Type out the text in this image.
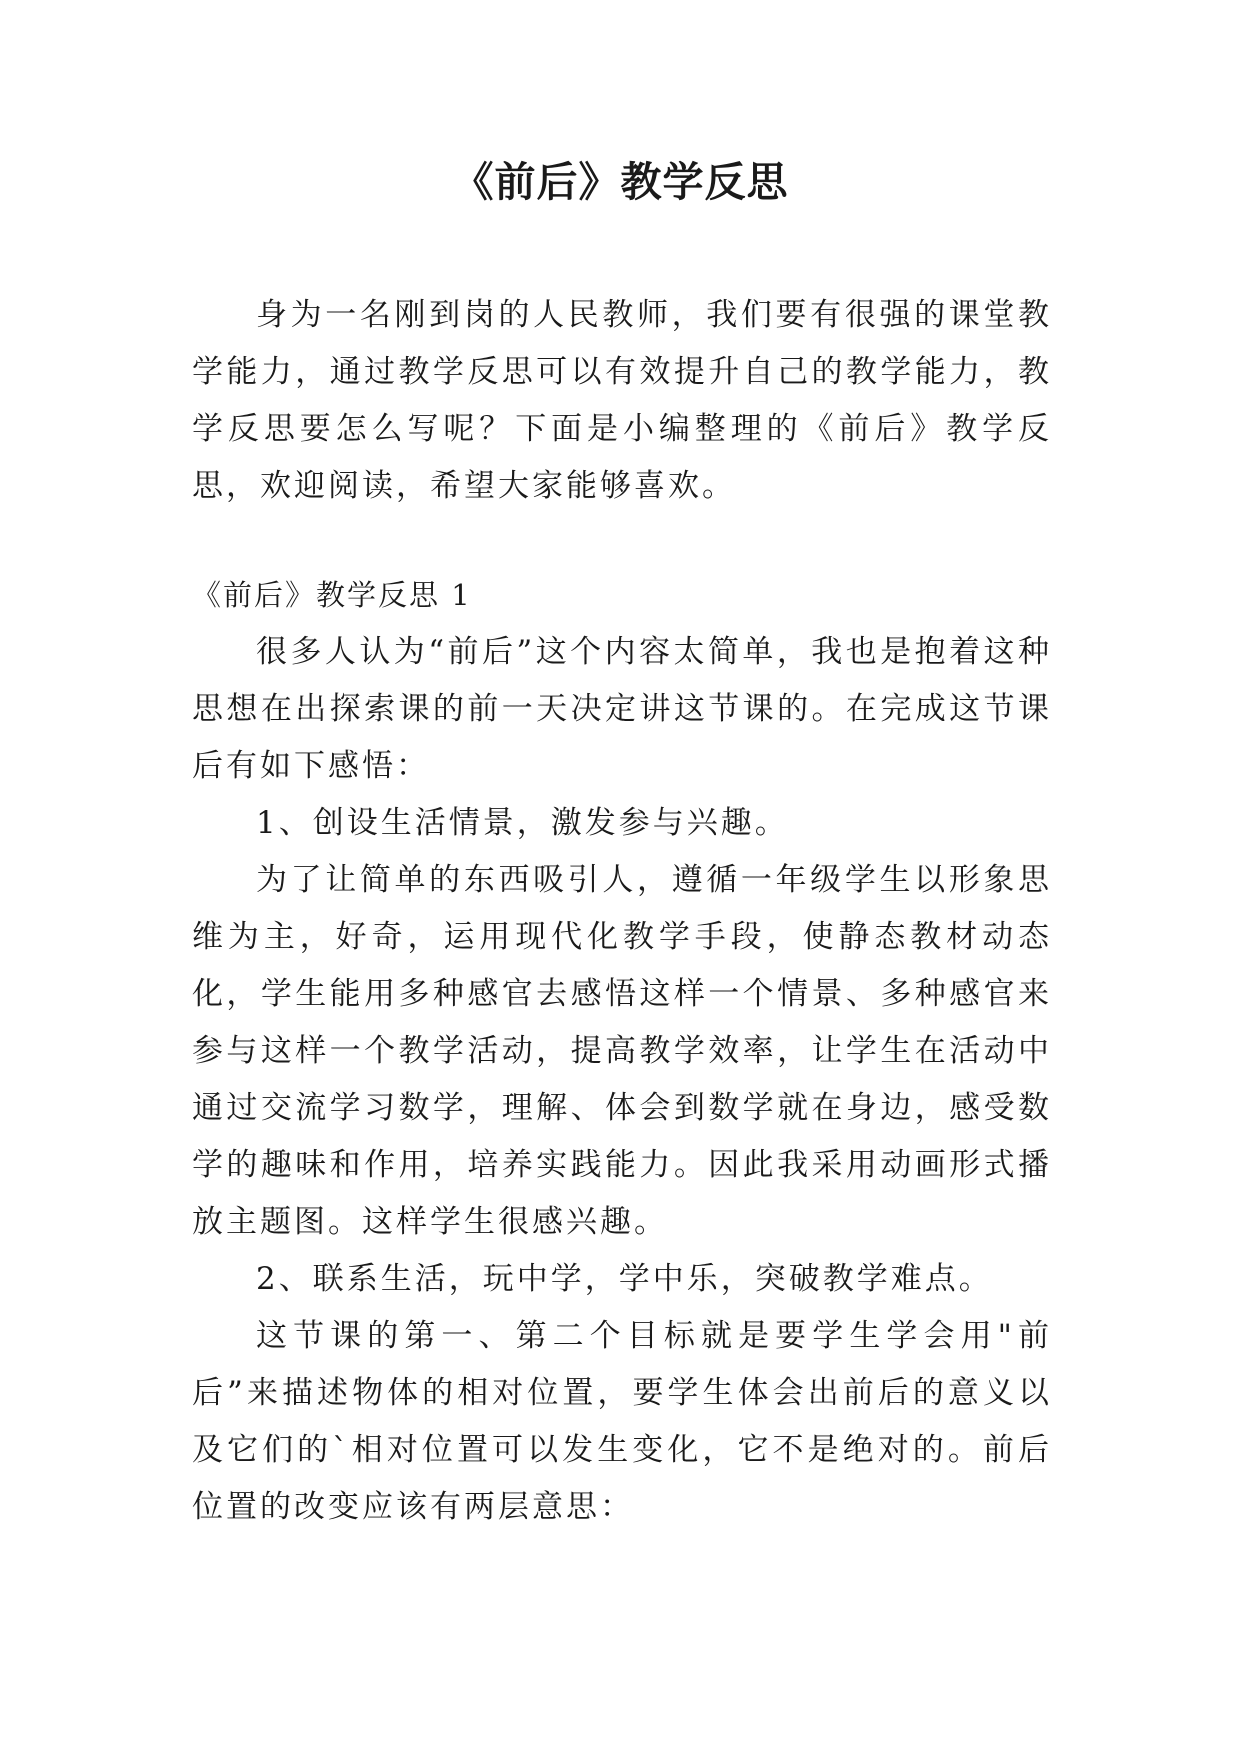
《前后》教学反思

身为一名刚到岗的人民教师，我们要有很强的课堂教学能力，通过教学反思可以有效提升自己的教学能力，教学反思要怎么写呢？下面是小编整理的《前后》教学反思，欢迎阅读，希望大家能够喜欢。

《前后》教学反思 1

很多人认为“前后”这个内容太简单，我也是抱着这种思想在出探索课的前一天决定讲这节课的。在完成这节课后有如下感悟：

1、创设生活情景，激发参与兴趣。

为了让简单的东西吸引人，遵循一年级学生以形象思维为主，好奇，运用现代化教学手段，使静态教材动态化，学生能用多种感官去感悟这样一个情景、多种感官来参与这样一个教学活动，提高教学效率，让学生在活动中通过交流学习数学，理解、体会到数学就在身边，感受数学的趣味和作用，培养实践能力。因此我采用动画形式播放主题图。这样学生很感兴趣。

2、联系生活，玩中学，学中乐，突破教学难点。

这节课的第一、第二个目标就是要学生学会用"前后”来描述物体的相对位置，要学生体会出前后的意义以及它们的`相对位置可以发生变化，它不是绝对的。前后位置的改变应该有两层意思：
